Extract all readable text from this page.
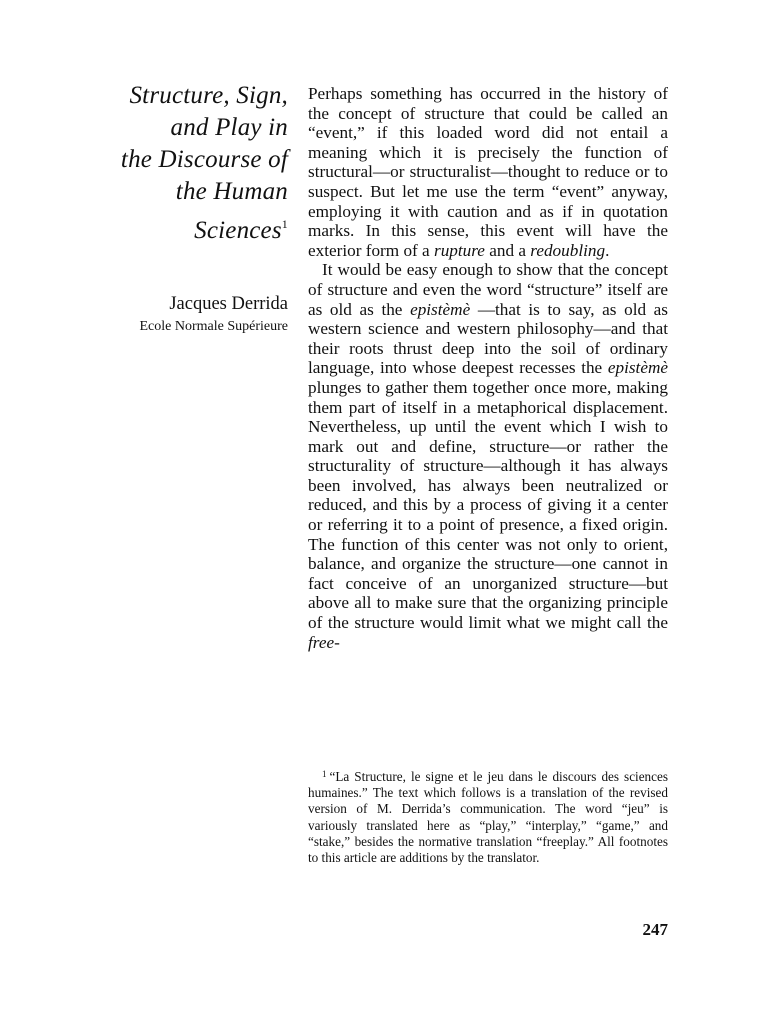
Structure, Sign,
and Play in
the Discourse of
the Human
Sciences$^1$
Jacques Derrida
Ecole Normale Supérieure

Perhaps something has occurred in the history of the concept of structure that could be called an “event,” if this loaded word did not entail a meaning which it is precisely the function of structural—or structuralist—thought to reduce or to suspect. But let me use the term “event” anyway, employing it with caution and as if in quotation marks. In this sense, this event will have the exterior form of a rupture and a redoubling.

It would be easy enough to show that the concept of structure and even the word “structure” itself are as old as the epistèmè —that is to say, as old as western science and western philosophy—and that their roots thrust deep into the soil of ordinary language, into whose deepest recesses the epistèmè plunges to gather them together once more, making them part of itself in a metaphorical displacement. Nevertheless, up until the event which I wish to mark out and define, structure—or rather the structurality of structure—although it has always been involved, has always been neutralized or reduced, and this by a process of giving it a center or referring it to a point of presence, a fixed origin. The function of this center was not only to orient, balance, and organize the structure—one cannot in fact conceive of an unorganized structure—but above all to make sure that the organizing principle of the structure would limit what we might call the free-

$^1$ “La Structure, le signe et le jeu dans le discours des sciences humaines.” The text which follows is a translation of the revised version of M. Derrida’s communication. The word “jeu” is variously translated here as “play,” “interplay,” “game,” and “stake,” besides the normative translation “freeplay.” All footnotes to this article are additions by the translator.
247
